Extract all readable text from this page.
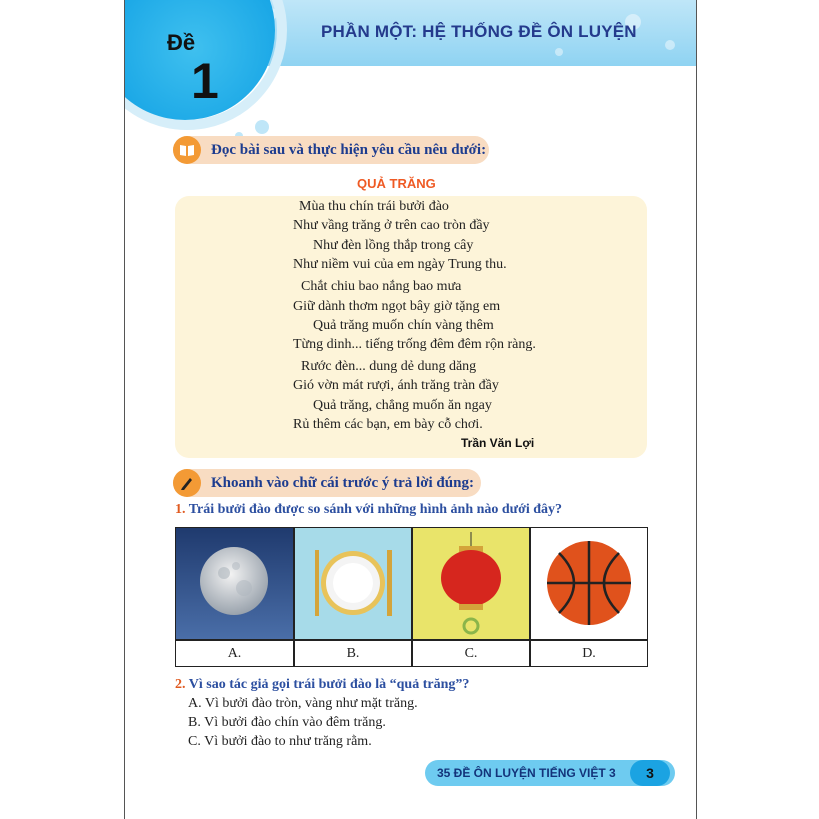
Đề
1
PHẦN MỘT: HỆ THỐNG ĐỀ ÔN LUYỆN
Đọc bài sau và thực hiện yêu cầu nêu dưới:
QUẢ TRĂNG
Mùa thu chín trái bưởi đào
Như vầng trăng ở trên cao tròn đầy
Như đèn lồng thắp trong cây
Như niềm vui của em ngày Trung thu.
Chắt chiu bao nắng bao mưa
Giữ dành thơm ngọt bây giờ tặng em
Quả trăng muốn chín vàng thêm
Từng dinh... tiếng trống đêm đêm rộn ràng.
Rước đèn... dung dẻ dung dăng
Gió vờn mát rượi, ánh trăng tràn đầy
Quả trăng, chẳng muốn ăn ngay
Rủ thêm các bạn, em bày cỗ chơi.
Trần Văn Lợi
Khoanh vào chữ cái trước ý trả lời đúng:
1. Trái bưởi đào được so sánh với những hình ảnh nào dưới đây?
A.	B.	C.	D.
2. Vì sao tác giả gọi trái bưởi đào là “quả trăng”?
A. Vì bưởi đào tròn, vàng như mặt trăng.
B. Vì bưởi đào chín vào đêm trăng.
C. Vì bưởi đào to như trăng rằm.
35 ĐỀ ÔN LUYỆN TIẾNG VIỆT 3	3
